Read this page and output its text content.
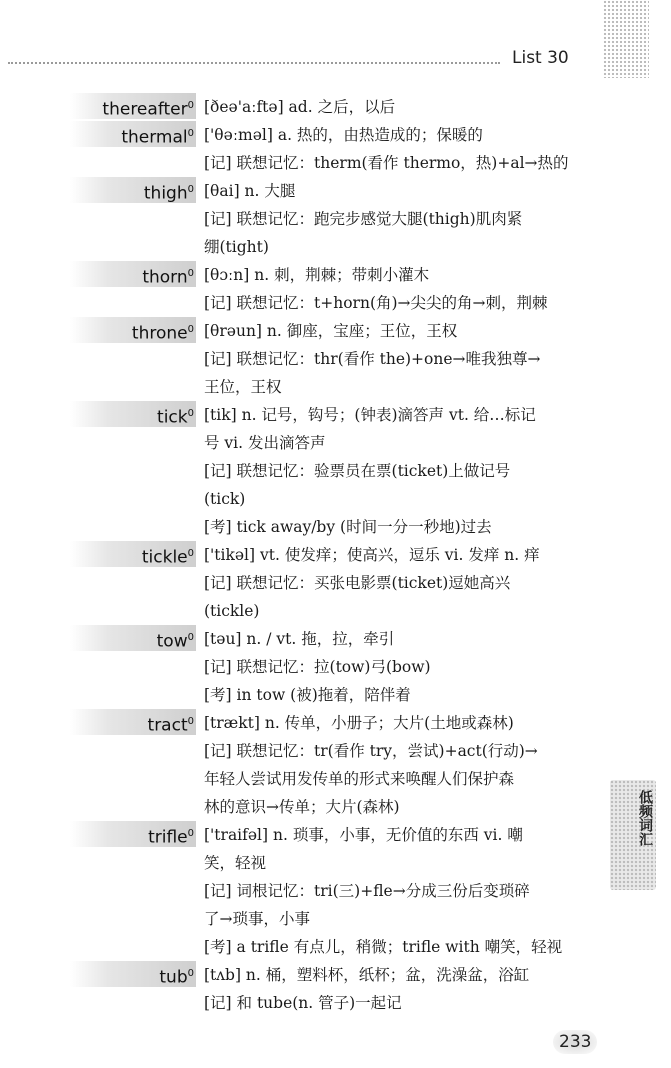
List 30
thereafter$^0$ [ðeə'aːftə] ad. 之后，以后
thermal$^0$ ['θəːməl] a. 热的，由热造成的；保暖的
[记] 联想记忆：therm(看作 thermo，热)+al→热的
thigh$^0$ [θai] n. 大腿
[记] 联想记忆：跑完步感觉大腿(thigh)肌肉紧
绷(tight)
thorn$^0$ [θɔːn] n. 刺，荆棘；带刺小灌木
[记] 联想记忆：t+horn(角)→尖尖的角→刺，荆棘
throne$^0$ [θrəun] n. 御座，宝座；王位，王权
[记] 联想记忆：thr(看作 the)+one→唯我独尊→
王位，王权
tick$^0$ [tik] n. 记号，钩号；(钟表)滴答声 vt. 给…标记
号 vi. 发出滴答声
[记] 联想记忆：验票员在票(ticket)上做记号
(tick)
[考] tick away/by (时间一分一秒地)过去
tickle$^0$ ['tikəl] vt. 使发痒；使高兴，逗乐 vi. 发痒 n. 痒
[记] 联想记忆：买张电影票(ticket)逗她高兴
(tickle)
tow$^0$ [təu] n. / vt. 拖，拉，牵引
[记] 联想记忆：拉(tow)弓(bow)
[考] in tow (被)拖着，陪伴着
tract$^0$ [trækt] n. 传单，小册子；大片(土地或森林)
[记] 联想记忆：tr(看作 try，尝试)+act(行动)→
年轻人尝试用发传单的形式来唤醒人们保护森
林的意识→传单；大片(森林)
trifle$^0$ ['traifəl] n. 琐事，小事，无价值的东西 vi. 嘲
笑，轻视
[记] 词根记忆：tri(三)+fle→分成三份后变琐碎
了→琐事，小事
[考] a trifle 有点儿，稍微；trifle with 嘲笑，轻视
tub$^0$ [tʌb] n. 桶，塑料杯，纸杯；盆，洗澡盆，浴缸
[记] 和 tube(n. 管子)一起记
低频词汇
233
